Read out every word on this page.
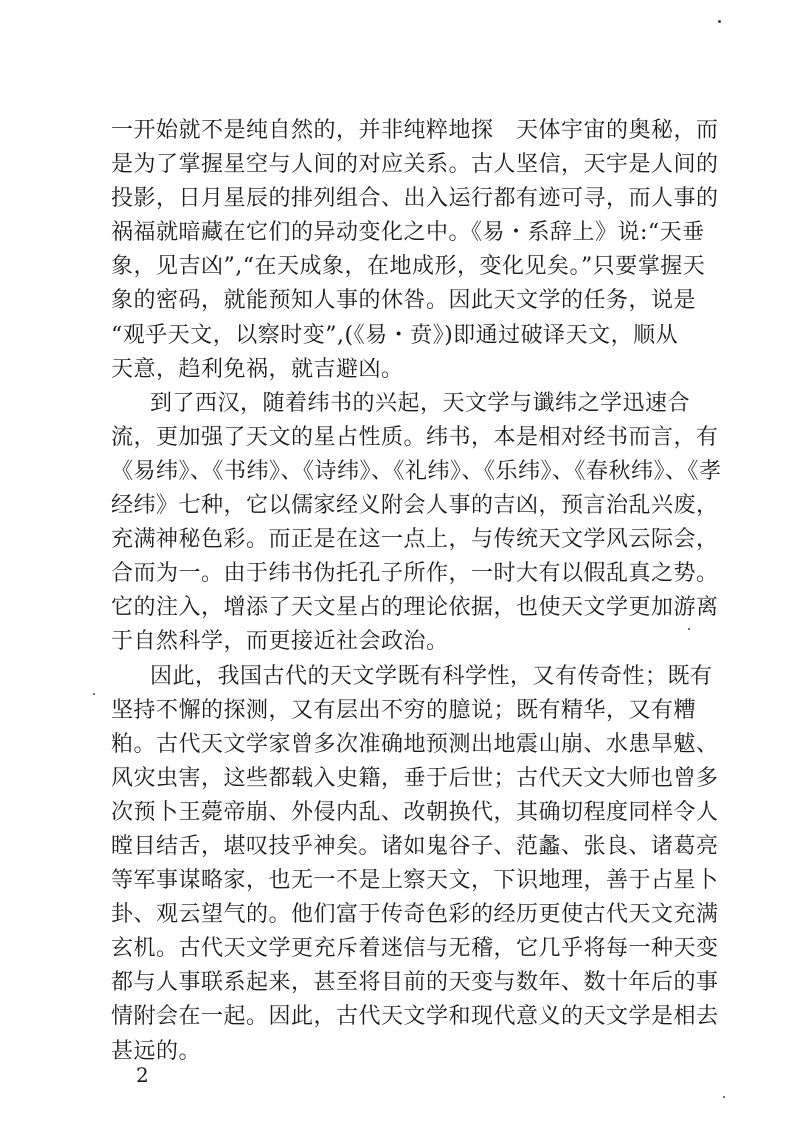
一开始就不是纯自然的，并非纯粹地探　天体宇宙的奥秘，而
是为了掌握星空与人间的对应关系。古人坚信，天宇是人间的
投影，日月星辰的排列组合、出入运行都有迹可寻，而人事的
祸福就暗藏在它们的异动变化之中。《易・系辞上》说:“天垂
象，见吉凶”,“在天成象，在地成形，变化见矣。”只要掌握天
象的密码，就能预知人事的休咎。因此天文学的任务，说是
“观乎天文，以察时变”,(《易・贲》)即通过破译天文，顺从
天意，趋利免祸，就吉避凶。
到了西汉，随着纬书的兴起，天文学与谶纬之学迅速合
流，更加强了天文的星占性质。纬书，本是相对经书而言，有
《易纬》、《书纬》、《诗纬》、《礼纬》、《乐纬》、《春秋纬》、《孝
经纬》七种，它以儒家经义附会人事的吉凶，预言治乱兴废，
充满神秘色彩。而正是在这一点上，与传统天文学风云际会，
合而为一。由于纬书伪托孔子所作，一时大有以假乱真之势。
它的注入，增添了天文星占的理论依据，也使天文学更加游离
于自然科学，而更接近社会政治。
因此，我国古代的天文学既有科学性，又有传奇性；既有
坚持不懈的探测，又有层出不穷的臆说；既有精华，又有糟
粕。古代天文学家曾多次准确地预测出地震山崩、水患旱魃、
风灾虫害，这些都载入史籍，垂于后世；古代天文大师也曾多
次预卜王薨帝崩、外侵内乱、改朝换代，其确切程度同样令人
瞠目结舌，堪叹技乎神矣。诸如鬼谷子、范蠡、张良、诸葛亮
等军事谋略家，也无一不是上察天文，下识地理，善于占星卜
卦、观云望气的。他们富于传奇色彩的经历更使古代天文充满
玄机。古代天文学更充斥着迷信与无稽，它几乎将每一种天变
都与人事联系起来，甚至将目前的天变与数年、数十年后的事
情附会在一起。因此，古代天文学和现代意义的天文学是相去
甚远的。
2
